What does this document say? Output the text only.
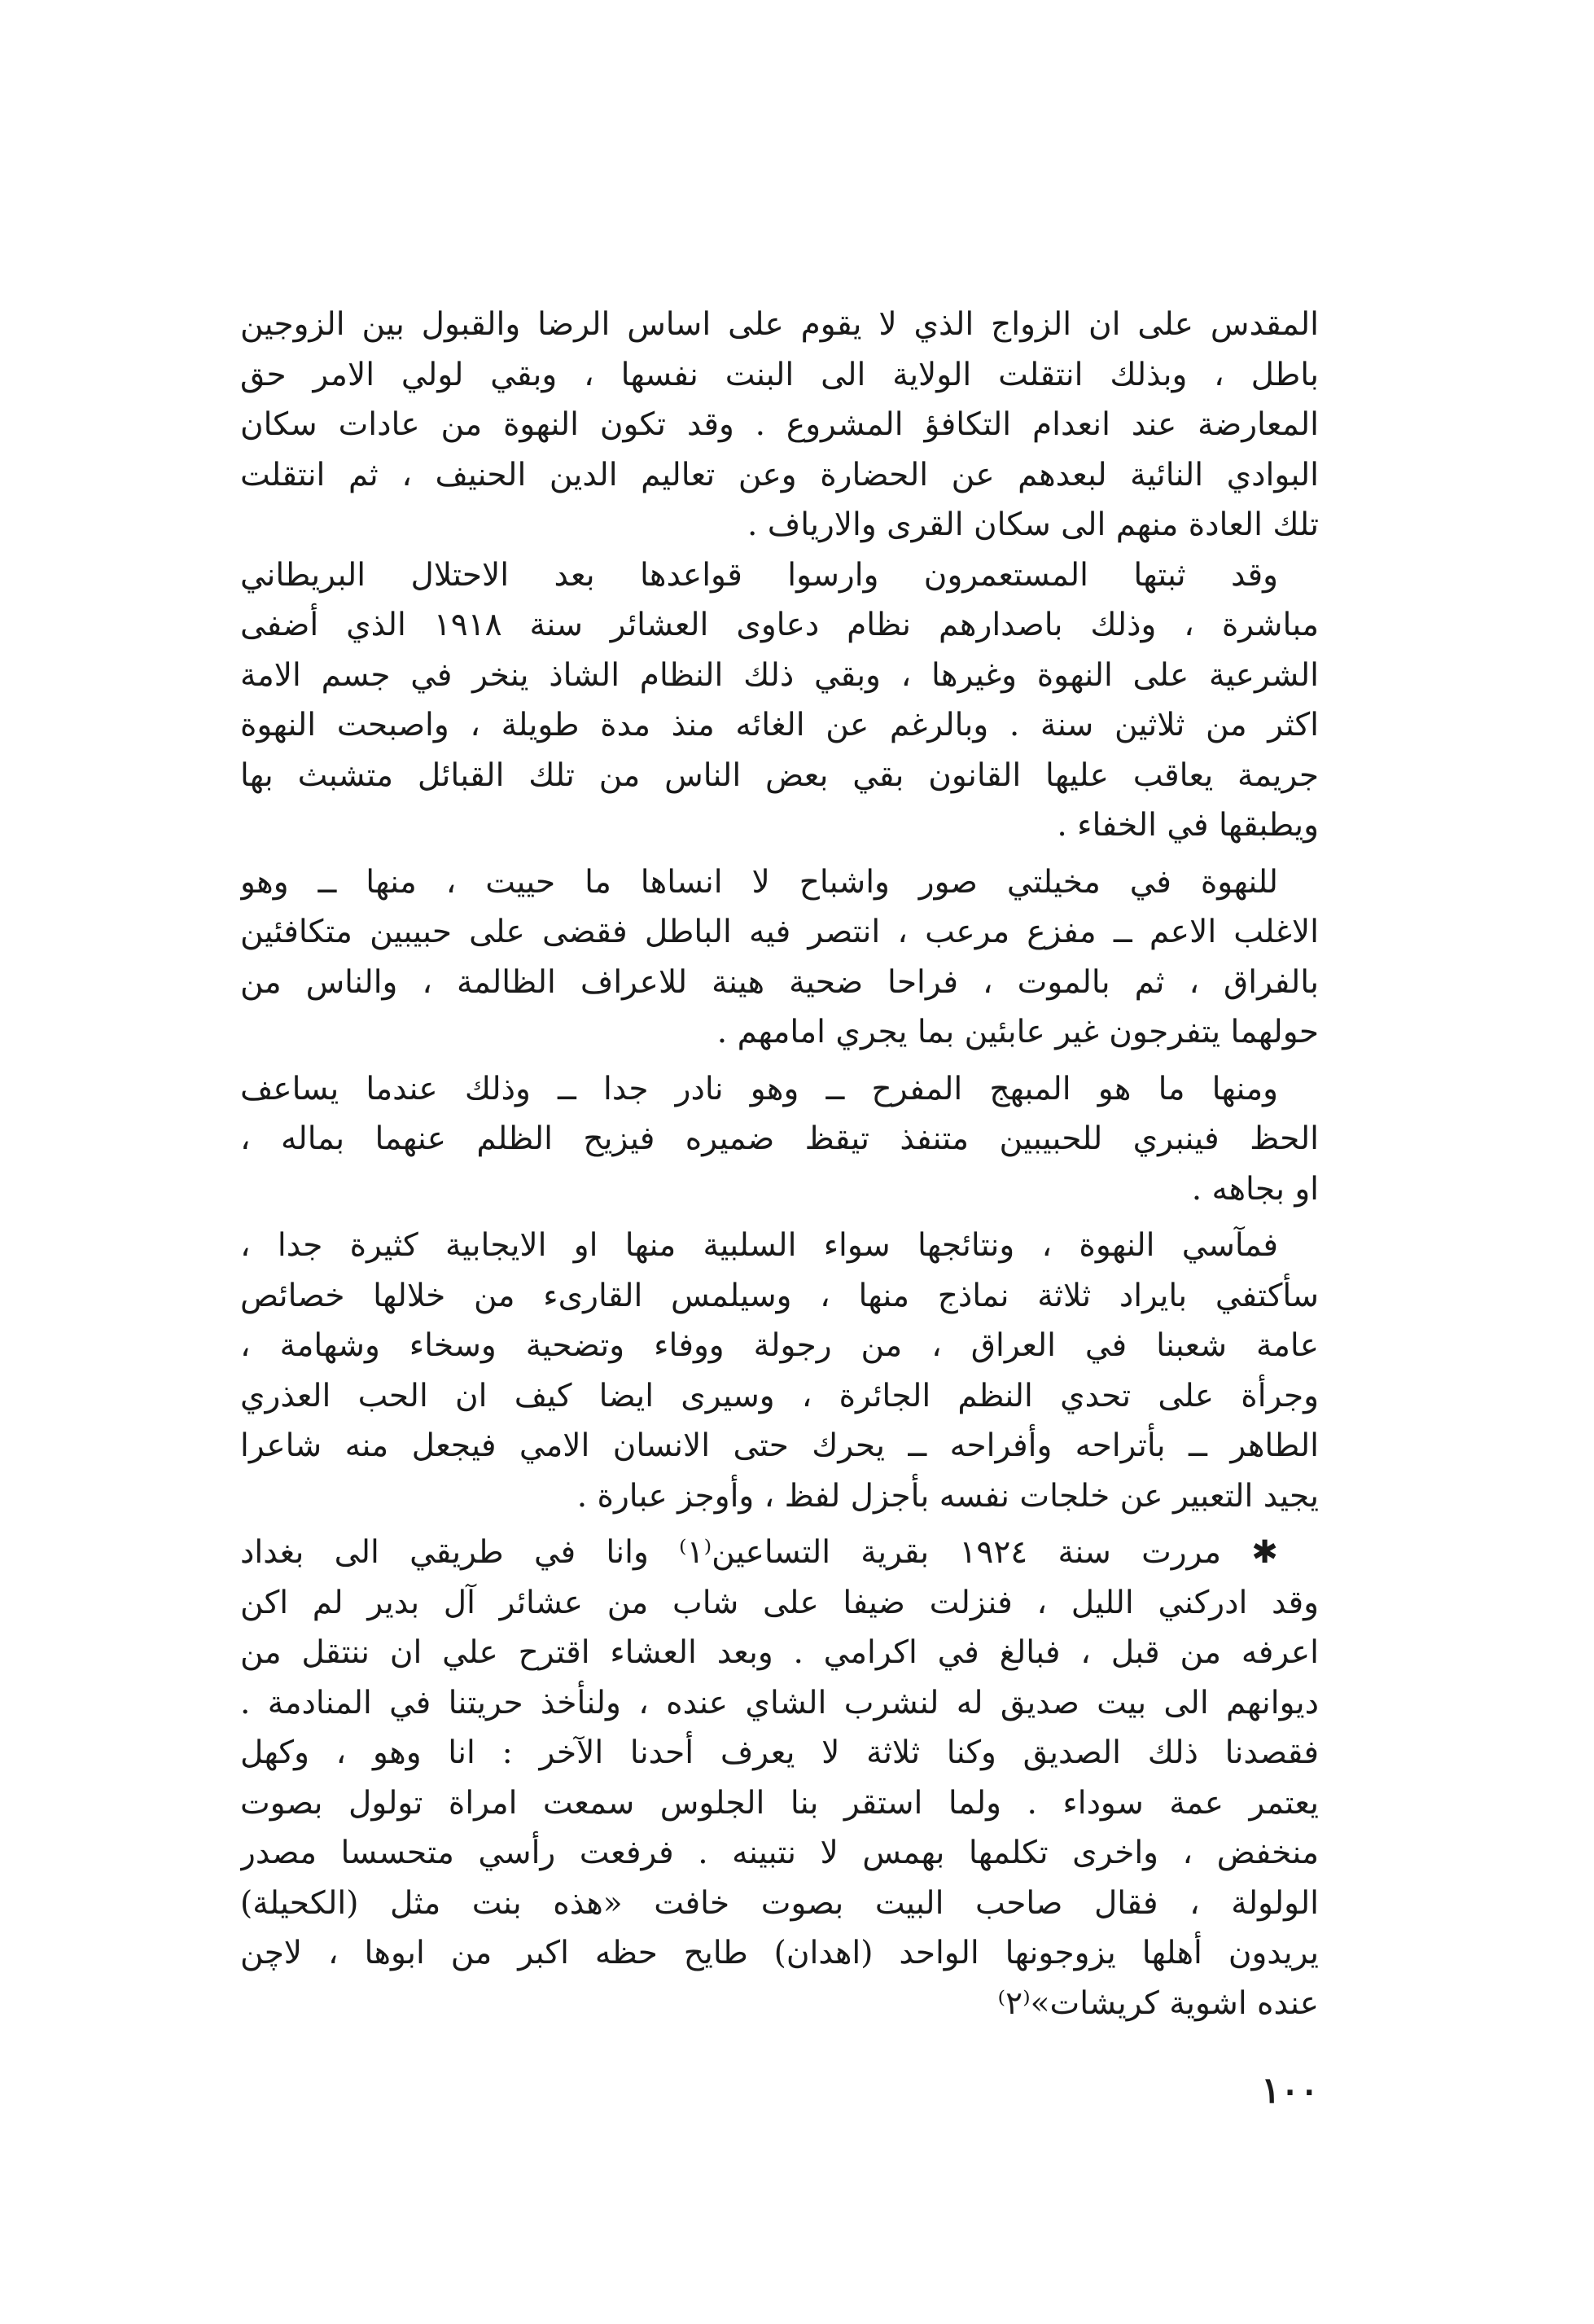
المقدس على ان الزواج الذي لا يقوم على اساس الرضا والقبول بين الزوجين
باطل ، وبذلك انتقلت الولاية الى البنت نفسها ، وبقي لولي الامر حق
المعارضة عند انعدام التكافؤ المشروع . وقد تكون النهوة من عادات سكان
البوادي النائية لبعدهم عن الحضارة وعن تعاليم الدين الحنيف ، ثم انتقلت
تلك العادة منهم الى سكان القرى والارياف .
وقد ثبتها المستعمرون وارسوا قواعدها بعد الاحتلال البريطاني
مباشرة ، وذلك باصدارهم نظام دعاوى العشائر سنة ١٩١٨ الذي أضفى
الشرعية على النهوة وغيرها ، وبقي ذلك النظام الشاذ ينخر في جسم الامة
اكثر من ثلاثين سنة . وبالرغم عن الغائه منذ مدة طويلة ، واصبحت النهوة
جريمة يعاقب عليها القانون بقي بعض الناس من تلك القبائل متشبث بها
ويطبقها في الخفاء .
للنهوة في مخيلتي صور واشباح لا انساها ما حييت ، منها ــ وهو
الاغلب الاعم ــ مفزع مرعب ، انتصر فيه الباطل فقضى على حبيبين متكافئين
بالفراق ، ثم بالموت ، فراحا ضحية هينة للاعراف الظالمة ، والناس من
حولهما يتفرجون غير عابئين بما يجري امامهم .
ومنها ما هو المبهج المفرح ــ وهو نادر جدا ــ وذلك عندما يساعف
الحظ فينبري للحبيبين متنفذ تيقظ ضميره فيزيح الظلم عنهما بماله ،
او بجاهه .
فمآسي النهوة ، ونتائجها سواء السلبية منها او الايجابية كثيرة جدا ،
سأكتفي بايراد ثلاثة نماذج منها ، وسيلمس القارىء من خلالها خصائص
عامة شعبنا في العراق ، من رجولة ووفاء وتضحية وسخاء وشهامة ،
وجرأة على تحدي النظم الجائرة ، وسيرى ايضا كيف ان الحب العذري
الطاهر ــ بأتراحه وأفراحه ــ يحرك حتى الانسان الامي فيجعل منه شاعرا
يجيد التعبير عن خلجات نفسه بأجزل لفظ ، وأوجز عبارة .
✱ مررت سنة ١٩٢٤ بقرية التساعين⁽١⁾ وانا في طريقي الى بغداد
وقد ادركني الليل ، فنزلت ضيفا على شاب من عشائر آل بدير لم اكن
اعرفه من قبل ، فبالغ في اكرامي . وبعد العشاء اقترح علي ان ننتقل من
ديوانهم الى بيت صديق له لنشرب الشاي عنده ، ولنأخذ حريتنا في المنادمة .
فقصدنا ذلك الصديق وكنا ثلاثة لا يعرف أحدنا الآخر : انا وهو ، وكهل
يعتمر عمة سوداء . ولما استقر بنا الجلوس سمعت امراة تولول بصوت
منخفض ، واخرى تكلمها بهمس لا نتبينه . فرفعت رأسي متحسسا مصدر
الولولة ، فقال صاحب البيت بصوت خافت «هذه بنت مثل (الكحيلة)
يريدون أهلها يزوجونها الواحد (اهدان) طايح حظه اكبر من ابوها ، لاچن
عنده اشوية كريشات»⁽٢⁾
١٠٠
